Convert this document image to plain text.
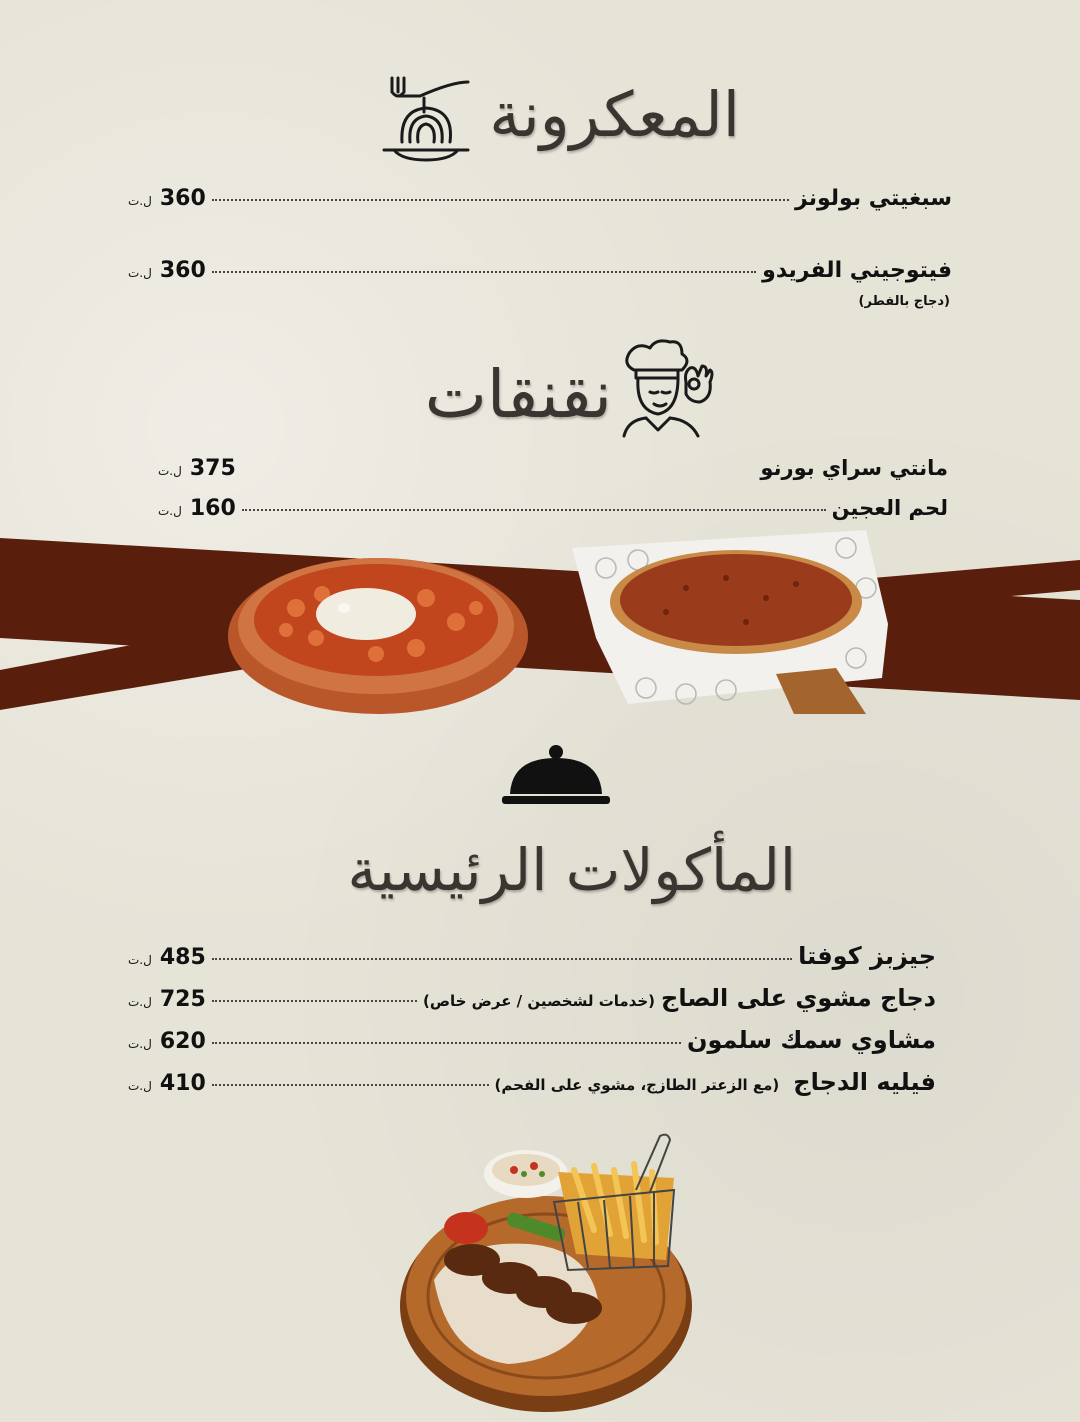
المعكرونة
سبغيتي بولونز
360
ل.ت
فيتوجيني الفريدو
360
ل.ت
(دجاج بالفطر)
نقنقات
مانتي سراي بورنو
375
ل.ت
لحم العجين
160
ل.ت
المأكولات الرئيسية
جيزبز كوفتا
485
ل.ت
دجاج مشوي على الصاج
(خدمات لشخصين / عرض خاص)
725
ل.ت
مشاوي سمك سلمون
620
ل.ت
فيليه الدجاج
(مع الزعتر الطازج، مشوي على الفحم)
410
ل.ت
